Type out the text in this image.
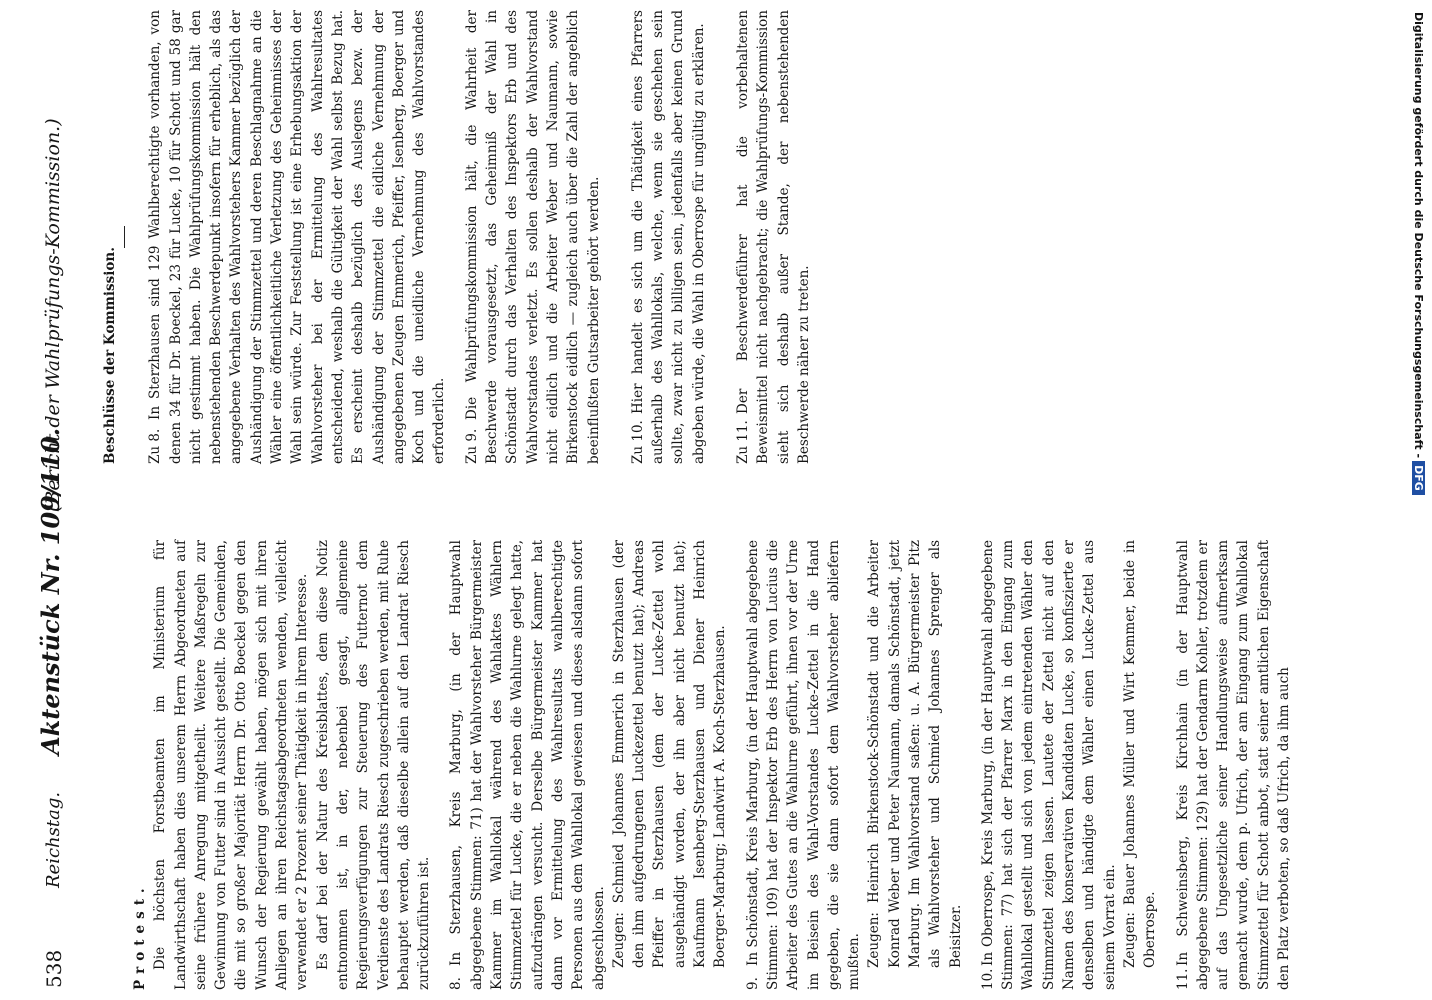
538
Reichstag.
Aktenstück Nr. 109/110.
(Bericht der Wahlprüfungs-Kommission.)

Protest. Die höchsten Forstbeamten im Ministerium für Landwirthschaft haben dies unserem Herrn Abgeordneten auf seine frühere Anregung mitgetheilt. Weitere Maßregeln zur Gewinnung von Futter sind in Aussicht gestellt. Die Gemeinden, die mit so großer Majorität Herrn Dr. Otto Boeckel gegen den Wunsch der Regierung gewählt haben, mögen sich mit ihren Anliegen an ihren Reichstagsabgeordneten wenden, vielleicht verwendet er 2 Prozent seiner Thätigkeit in ihrem Interesse. Es darf bei der Natur des Kreisblattes, dem diese Notiz entnommen ist, in der, nebenbei gesagt, allgemeine Regierungsverfügungen zur Steuerung des Futternot dem Verdienste des Landrats Riesch zugeschrieben werden, mit Ruhe behauptet werden, daß dieselbe allein auf den Landrat Riesch zurückzuführen ist. 8.In Sterzhausen, Kreis Marburg, (in der Hauptwahl abgegebene Stimmen: 71) hat der Wahlvorsteher Bürgermeister Kammer im Wahllokal während des Wahlaktes Wählern Stimmzettel für Lucke, die er neben die Wahlurne gelegt hatte, aufzudrängen versucht. Derselbe Bürgermeister Kammer hat dann vor Ermittelung des Wahlresultats wahlberechtigte Personen aus dem Wahllokal gewiesen und dieses alsdann sofort abgeschlossen. Zeugen: Schmied Johannes Emmerich in Sterzhausen (der den ihm aufgedrungenen Luckezettel benutzt hat); Andreas Pfeiffer in Sterzhausen (dem der Lucke-Zettel wohl ausgehändigt worden, der ihn aber nicht benutzt hat); Kaufmann Isenberg-Sterzhausen und Diener Heinrich Boerger-Marburg; Landwirt A. Koch-Sterzhausen.

9.In Schönstadt, Kreis Marburg, (in der Hauptwahl abgegebene Stimmen: 109) hat der Inspektor Erb des Herrn von Lucius die Arbeiter des Gutes an die Wahlurne geführt, ihnen vor der Urne im Beisein des Wahl-Vorstandes Lucke-Zettel in die Hand gegeben, die sie dann sofort dem Wahlvorsteher abliefern mußten. Zeugen: Heinrich Birkenstock-Schönstadt und die Arbeiter Konrad Weber und Peter Naumann, damals Schönstadt, jetzt Marburg. Im Wahlvorstand saßen: u. A. Bürgermeister Pitz als Wahlvorsteher und Schmied Johannes Sprenger als Beisitzer.

10.In Oberrospe, Kreis Marburg, (in der Hauptwahl abgegebene Stimmen: 77) hat sich der Pfarrer Marx in den Eingang zum Wahllokal gestellt und sich von jedem eintretenden Wähler den Stimmzettel zeigen lassen. Lautete der Zettel nicht auf den Namen des konservativen Kandidaten Lucke, so konfiszierte er denselben und händigte dem Wähler einen Lucke-Zettel aus seinem Vorrat ein. Zeugen: Bauer Johannes Müller und Wirt Kemmer, beide in Oberrospe.

11.In Schweinsberg, Kreis Kirchhain (in der Hauptwahl abgegebene Stimmen: 129) hat der Gendarm Kohler, trotzdem er auf das Ungesetzliche seiner Handlungsweise aufmerksam gemacht wurde, dem p. Ufrich, der am Eingang zum Wahllokal Stimmzettel für Schott anbot, statt seiner amtlichen Eigenschaft den Platz verboten, so daß Ufrich, da ihm auch

Beschlüsse der Kommission. Zu 8.In Sterzhausen sind 129 Wahlberechtigte vorhanden, von denen 34 für Dr. Boeckel, 23 für Lucke, 10 für Schott und 58 gar nicht gestimmt haben. Die Wahlprüfungskommission hält den nebenstehenden Beschwerdepunkt insofern für erheblich, als das angegebene Verhalten des Wahlvorstehers Kammer bezüglich der Aushändigung der Stimmzettel und deren Beschlagnahme an die Wähler eine öffentlichkeitliche Verletzung des Geheimnisses der Wahl sein würde. Zur Feststellung ist eine Erhebungsaktion der Wahlvorsteher bei der Ermittelung des Wahlresultates entscheidend, weshalb die Gültigkeit der Wahl selbst Bezug hat. Es erscheint deshalb bezüglich des Auslegens bezw. der Aushändigung der Stimmzettel die eidliche Vernehmung der angegebenen Zeugen Emmerich, Pfeiffer, Isenberg, Boerger und Koch und die uneidliche Vernehmung des Wahlvorstandes erforderlich. Zu 9.Die Wahlprüfungskommission hält, die Wahrheit der Beschwerde vorausgesetzt, das Geheimniß der Wahl in Schönstadt durch das Verhalten des Inspektors Erb und des Wahlvorstandes verletzt. Es sollen deshalb der Wahlvorstand nicht eidlich und die Arbeiter Weber und Naumann, sowie Birkenstock eidlich — zugleich auch über die Zahl der angeblich beeinflußten Gutsarbeiter gehört werden. Zu 10.Hier handelt es sich um die Thätigkeit eines Pfarrers außerhalb des Wahllokals, welche, wenn sie geschehen sein sollte, zwar nicht zu billigen sein, jedenfalls aber keinen Grund abgeben würde, die Wahl in Oberrospe für ungültig zu erklären. Zu 11.Der Beschwerdeführer hat die vorbehaltenen Beweismittel nicht nachgebracht; die Wahlprüfungs-Kommission sieht sich deshalb außer Stande, der nebenstehenden Beschwerde näher zu treten.	Digitalisierung gefördert durch die Deutsche Forschungsgemeinschaft -DFG
